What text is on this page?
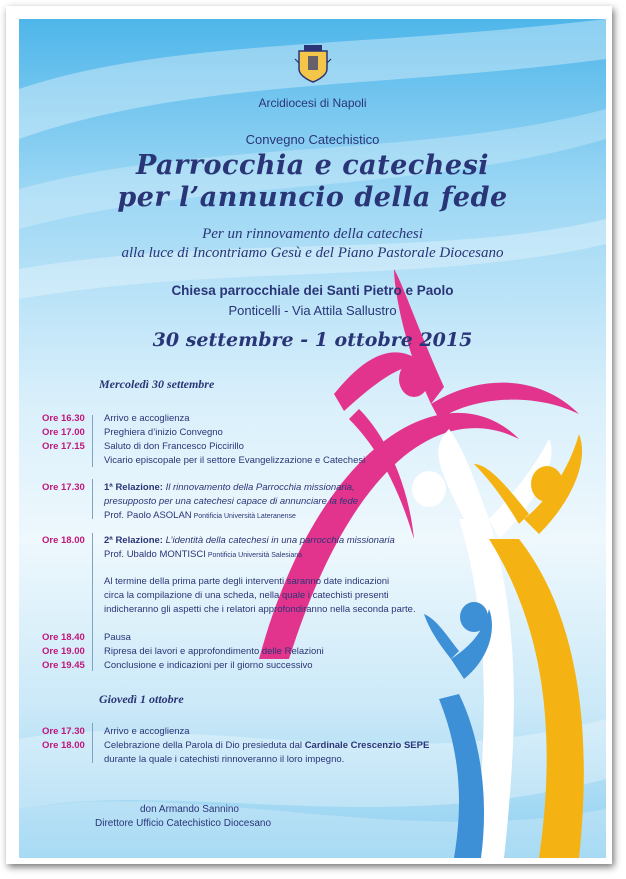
Arcidiocesi di Napoli
Convegno Catechistico
Parrocchia e catechesi
per l’annuncio della fede
Per un rinnovamento della catechesi
alla luce di Incontriamo Gesù e del Piano Pastorale Diocesano
Chiesa parrocchiale dei Santi Pietro e Paolo
Ponticelli - Via Attila Sallustro
30 settembre - 1 ottobre 2015
Mercoledì 30 settembre
Ore 16.30 Arrivo e accoglienza
Ore 17.00 Preghiera d’inizio Convegno
Ore 17.15 Saluto di don Francesco Piccirillo
Vicario episcopale per il settore Evangelizzazione e Catechesi
Ore 17.30 1ª Relazione: Il rinnovamento della Parrocchia missionaria,
presupposto per una catechesi capace di annunciare la fede
Prof. Paolo ASOLAN Pontificia Università Lateranense
Ore 18.00 2ª Relazione: L’identità della catechesi in una parrocchia missionaria
Prof. Ubaldo MONTISCI Pontificia Università Salesiana
Al termine della prima parte degli interventi saranno date indicazioni
circa la compilazione di una scheda, nella quale i catechisti presenti
indicheranno gli aspetti che i relatori approfondiranno nella seconda parte.
Ore 18.40 Pausa
Ore 19.00 Ripresa dei lavori e approfondimento delle Relazioni
Ore 19.45 Conclusione e indicazioni per il giorno successivo
Giovedì 1 ottobre
Ore 17.30 Arrivo e accoglienza
Ore 18.00 Celebrazione della Parola di Dio presieduta dal Cardinale Crescenzio SEPE
durante la quale i catechisti rinnoveranno il loro impegno.
don Armando Sannino
Direttore Ufficio Catechistico Diocesano
